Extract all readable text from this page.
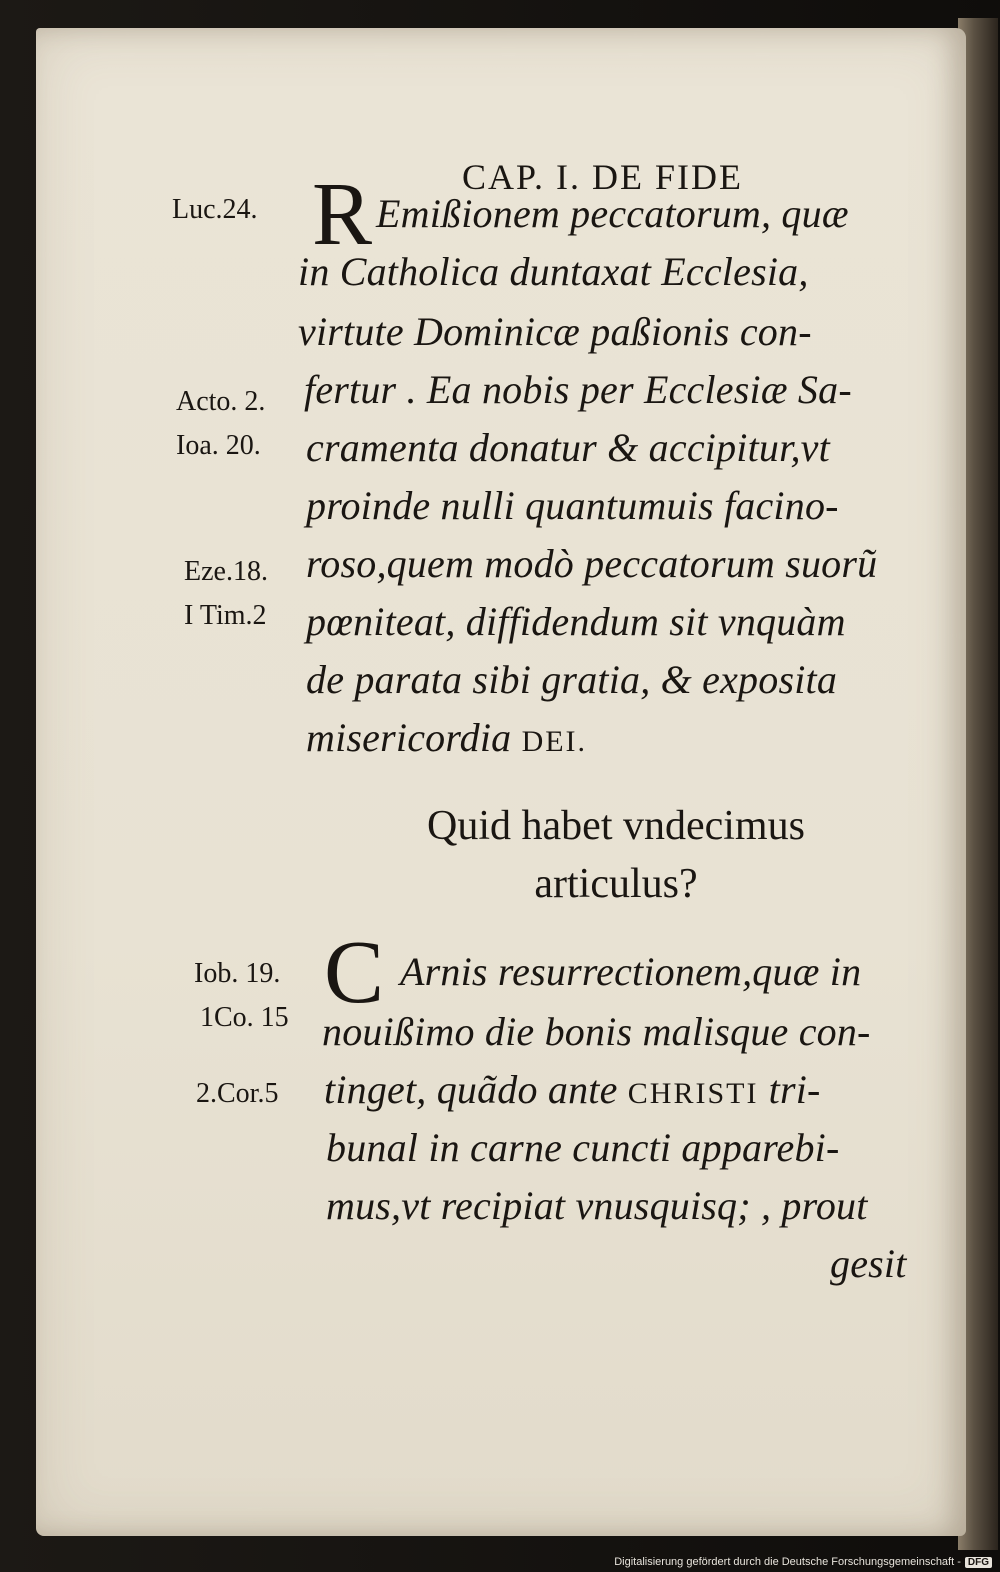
CAP. I. DE FIDE
Luc.24.
Acto. 2.
Ioa. 20.
Eze.18.
I Tim.2
R Emißionem peccatorum, quæ
in Catholica duntaxat Ecclesia,
virtute Dominicæ paßionis con-
fertur . Ea nobis per Ecclesiæ Sa-
cramenta donatur & accipitur,vt
proinde nulli quantumuis facino-
roso,quem modò peccatorum suorũ
pœniteat, diffidendum sit vnquàm
de parata sibi gratia, & exposita
misericordia DEI.
Quid habet vndecimus
articulus?
Iob. 19.
1Co. 15
2.Cor.5
C Arnis resurrectionem,quæ in
nouißimo die bonis malisque con-
tinget, quãdo ante CHRISTI tri-
bunal in carne cuncti apparebi-
mus,vt recipiat vnusquisq; , prout
gesit
Digitalisierung gefördert durch die Deutsche Forschungsgemeinschaft - DFG
